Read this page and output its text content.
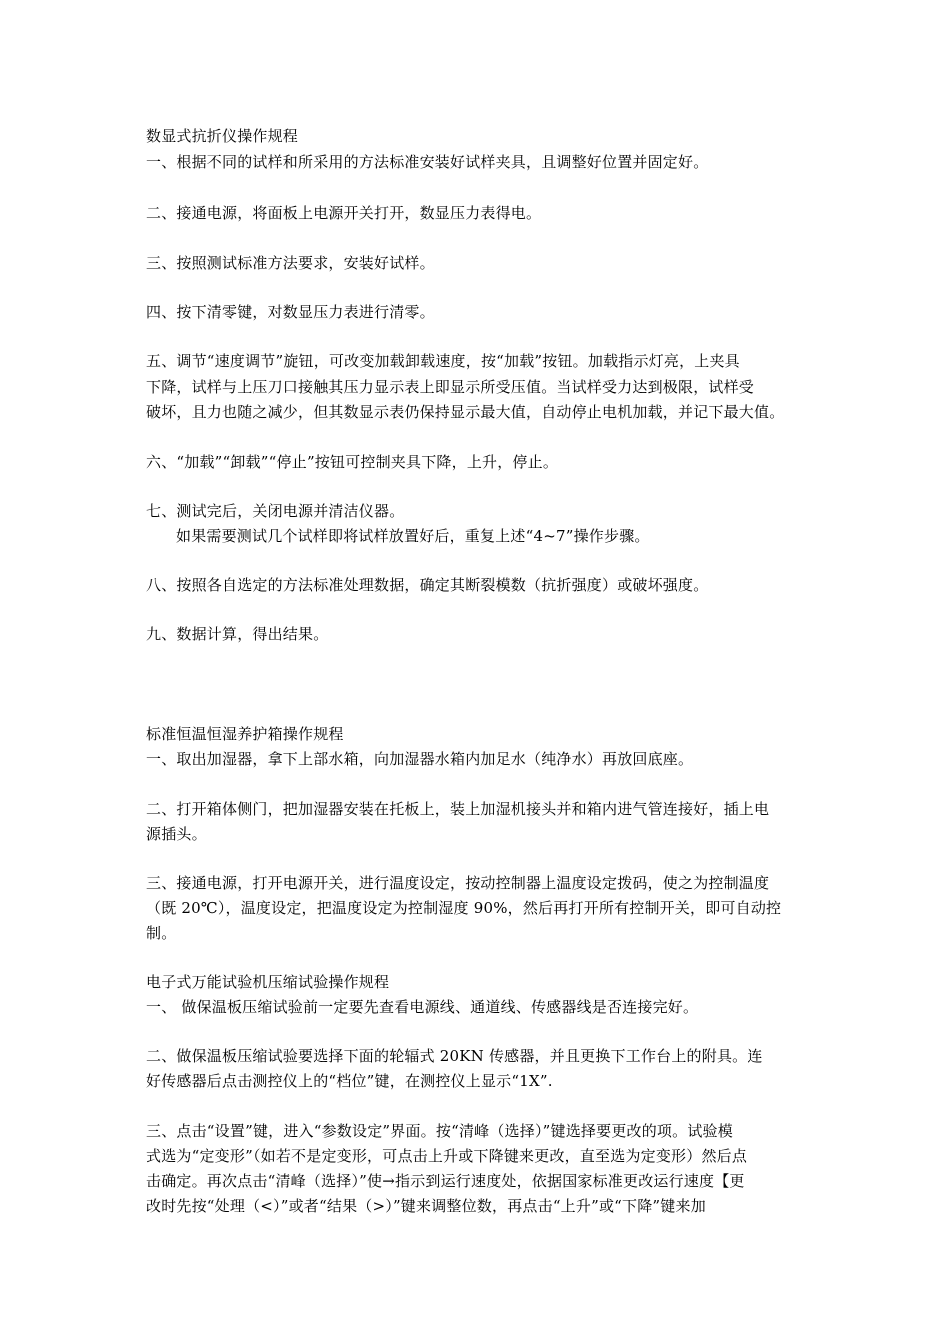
数显式抗折仪操作规程

一、根据不同的试样和所采用的方法标准安装好试样夹具，且调整好位置并固定好。

二、接通电源，将面板上电源开关打开，数显压力表得电。

三、按照测试标准方法要求，安装好试样。

四、按下清零键，对数显压力表进行清零。

五、调节“速度调节”旋钮，可改变加载卸载速度，按“加载”按钮。加载指示灯亮，上夹具

下降，试样与上压刀口接触其压力显示表上即显示所受压值。当试样受力达到极限，试样受

破坏，且力也随之减少，但其数显示表仍保持显示最大值，自动停止电机加载，并记下最大值。

六、“加载”“卸载”“停止”按钮可控制夹具下降，上升，停止。

七、测试完后，关闭电源并清洁仪器。

如果需要测试几个试样即将试样放置好后，重复上述“4~7”操作步骤。

八、按照各自选定的方法标准处理数据，确定其断裂模数（抗折强度）或破坏强度。

九、数据计算，得出结果。

标准恒温恒湿养护箱操作规程

一、取出加湿器，拿下上部水箱，向加湿器水箱内加足水（纯净水）再放回底座。

二、打开箱体侧门，把加湿器安装在托板上，装上加湿机接头并和箱内进气管连接好，插上电

源插头。

三、接通电源，打开电源开关，进行温度设定，按动控制器上温度设定拨码，使之为控制温度

（既 20℃），温度设定，把温度设定为控制湿度 90%，然后再打开所有控制开关，即可自动控

制。

电子式万能试验机压缩试验操作规程

一、 做保温板压缩试验前一定要先查看电源线、通道线、传感器线是否连接完好。

二、做保温板压缩试验要选择下面的轮辐式 20KN 传感器，并且更换下工作台上的附具。连

好传感器后点击测控仪上的“档位”键，在测控仪上显示“1X”.

三、点击“设置”键，进入“参数设定”界面。按“清峰（选择）”键选择要更改的项。试验模

式选为“定变形”（如若不是定变形，可点击上升或下降键来更改，直至选为定变形）然后点

击确定。再次点击“清峰（选择）”使→指示到运行速度处，依据国家标准更改运行速度【更

改时先按“处理（<）”或者“结果（>）”键来调整位数，再点击“上升”或“下降”键来加
